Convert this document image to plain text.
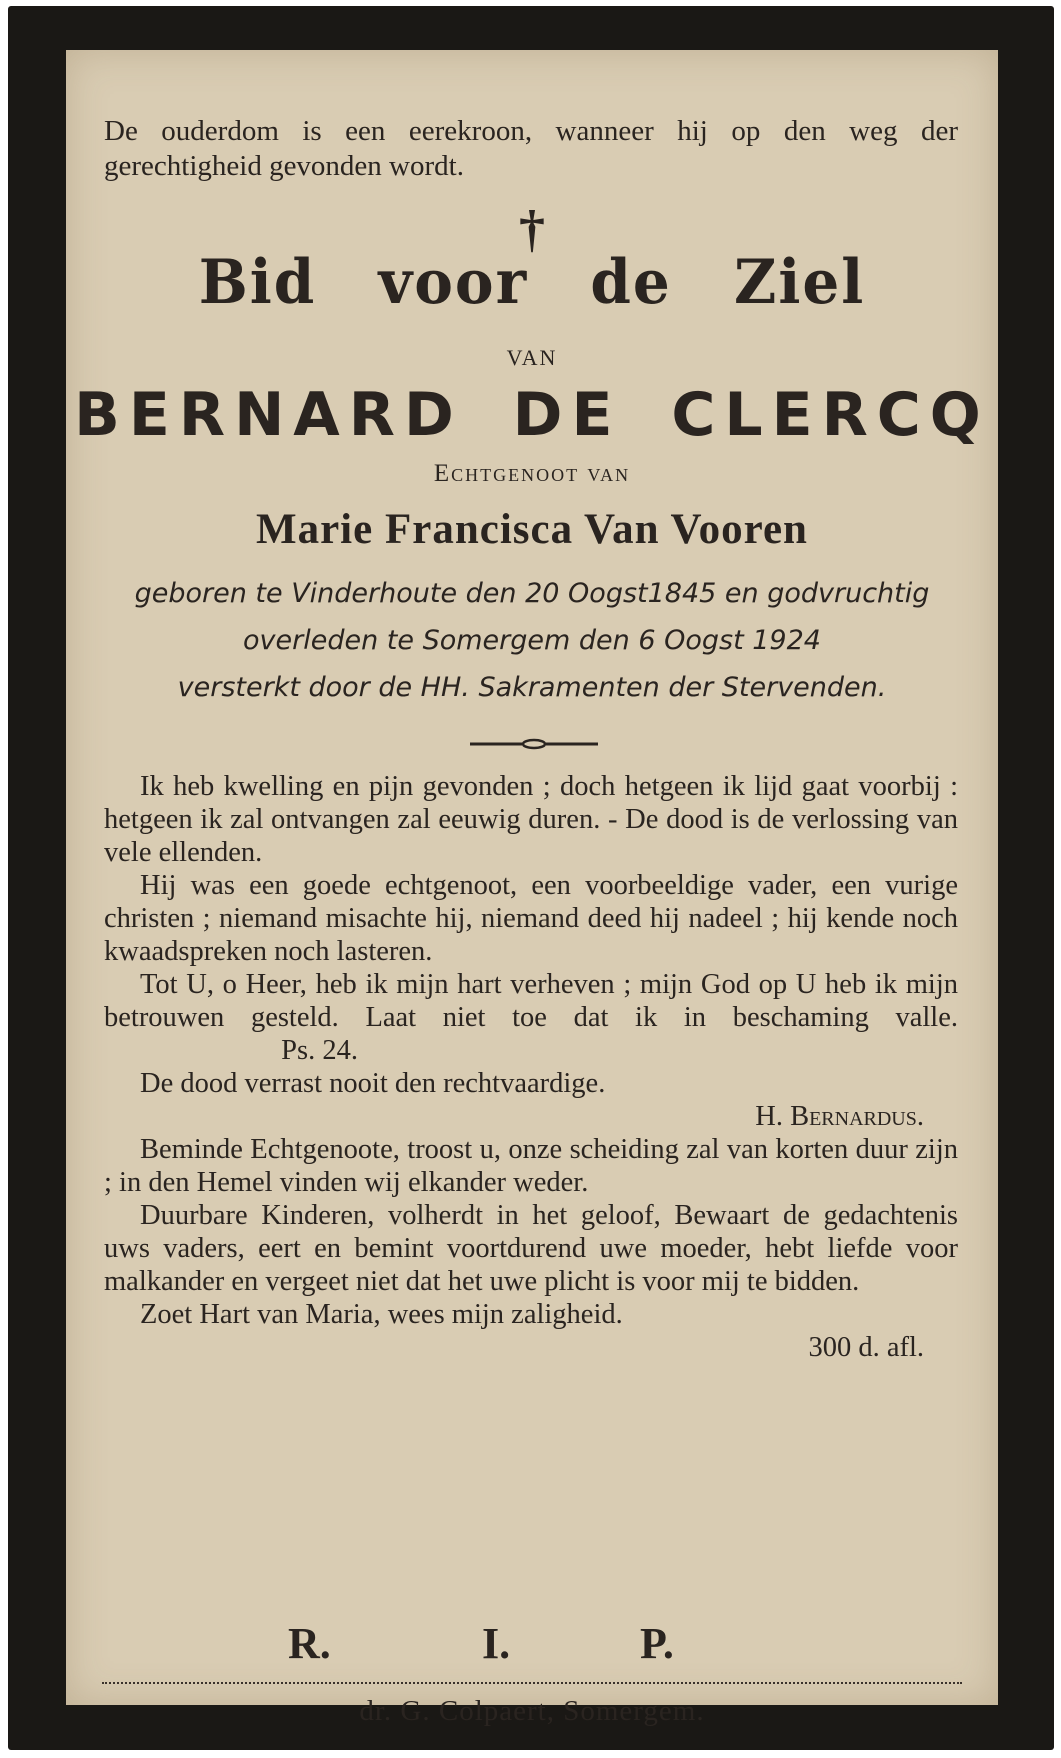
De ouderdom is een eerekroon, wanneer hij op den weg der gerechtigheid gevonden wordt.

†
Bid voor de Ziel
VAN
BERNARD DE CLERCQ
Echtgenoot van
Marie Francisca Van Vooren
geboren te Vinderhoute den 20 Oogst1845 en godvruchtig
overleden te Somergem den 6 Oogst 1924
versterkt door de HH. Sakramenten der Stervenden.
Ik heb kwelling en pijn gevonden ; doch hetgeen ik lijd gaat voorbij : hetgeen ik zal ontvangen zal eeuwig duren. - De dood is de verlossing van vele ellenden.
Hij was een goede echtgenoot, een voorbeeldige vader, een vurige christen ; niemand misachte hij, niemand deed hij nadeel ; hij kende noch kwaadspreken noch lasteren.
Tot U, o Heer, heb ik mijn hart verheven ; mijn God op U heb ik mijn betrouwen gesteld. Laat niet toe dat ik in beschaming valle.  Ps. 24.
De dood verrast nooit den rechtvaardige.
H. Bernardus.
Beminde Echtgenoote, troost u, onze scheiding zal van korten duur zijn ; in den Hemel vinden wij elkander weder.
Duurbare Kinderen, volherdt in het geloof, Bewaart de gedachtenis uws vaders, eert en bemint voortdurend uwe moeder, hebt liefde voor malkander en vergeet niet dat het uwe plicht is voor mij te bidden.
Zoet Hart van Maria, wees mijn zaligheid.
300 d. afl.
R.	I.	P.
dr. G. Colpaert, Somergem.
